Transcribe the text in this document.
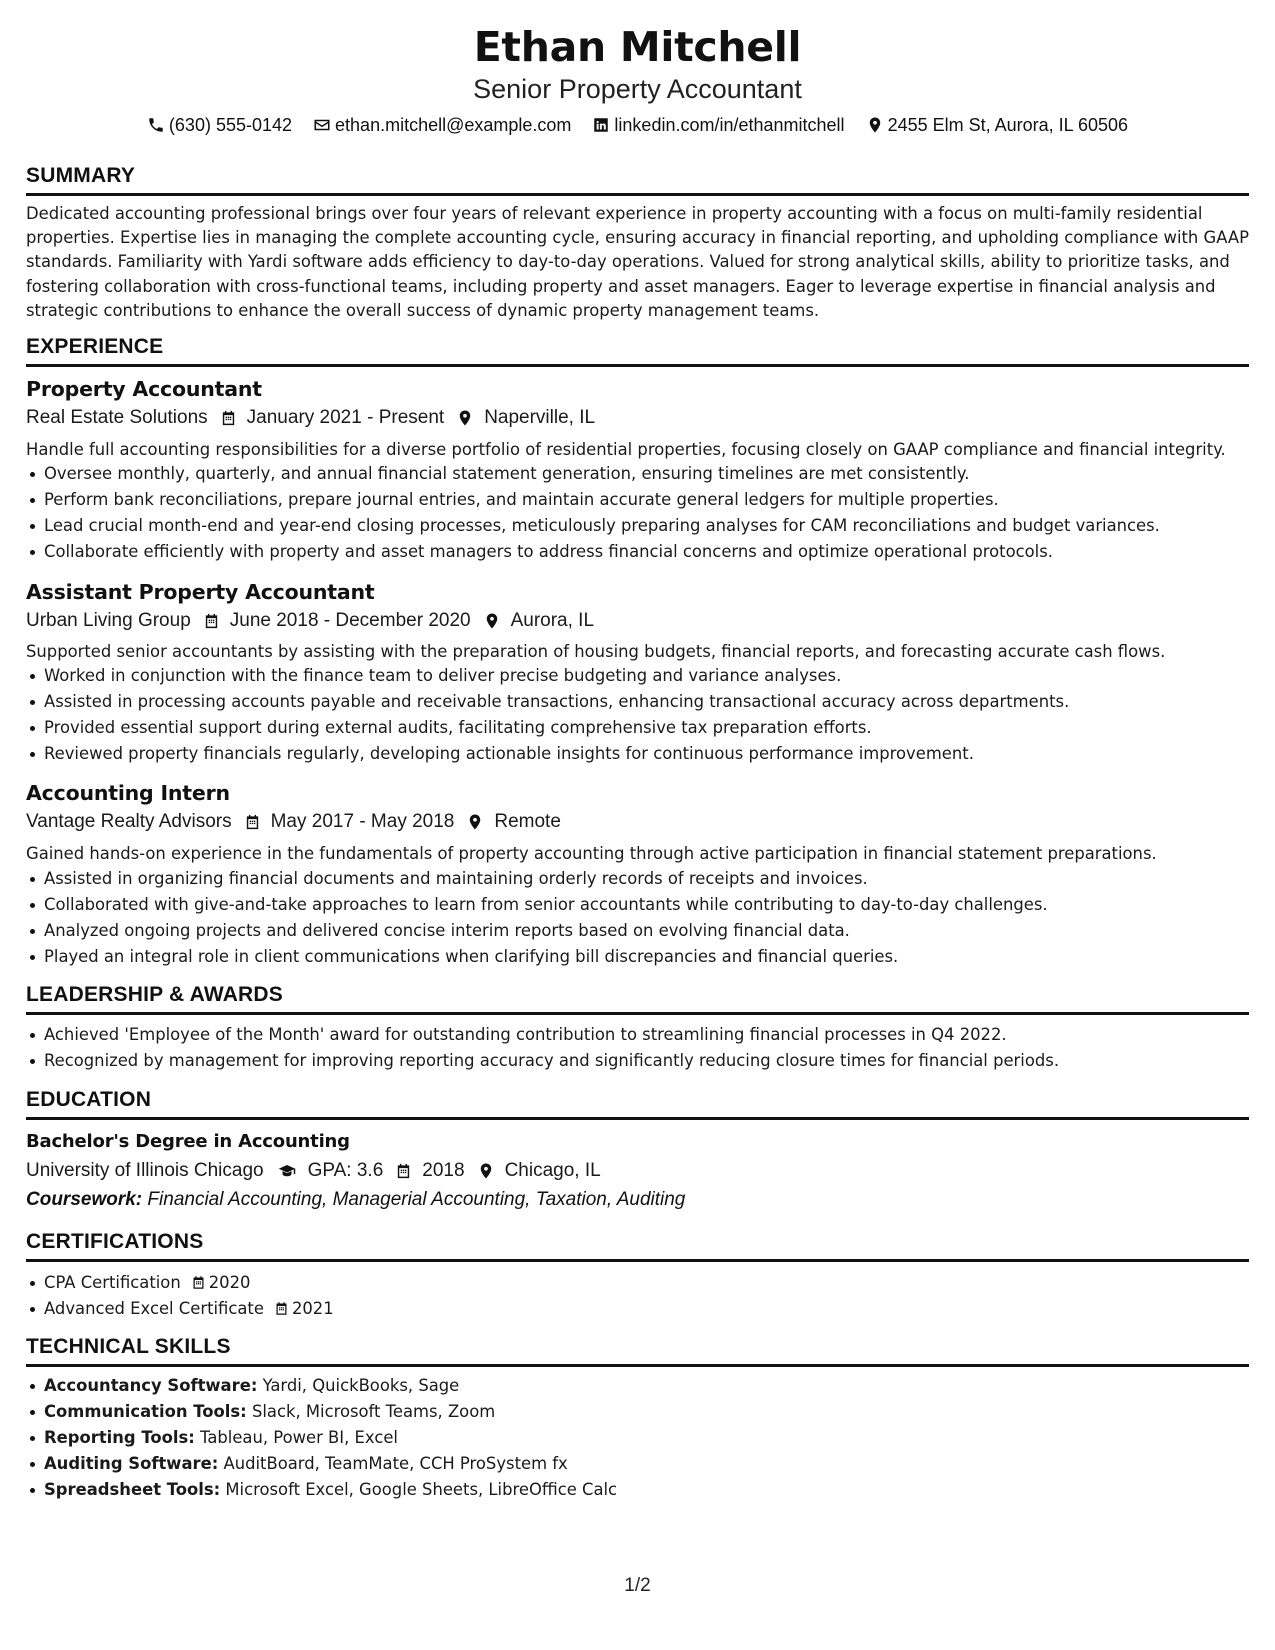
Ethan Mitchell
Senior Property Accountant
(630) 555-0142
ethan.mitchell@example.com
linkedin.com/in/ethanmitchell
2455 Elm St, Aurora, IL 60506
SUMMARY
Dedicated accounting professional brings over four years of relevant experience in property accounting with a focus on multi-family residential properties. Expertise lies in managing the complete accounting cycle, ensuring accuracy in financial reporting, and upholding compliance with GAAP standards. Familiarity with Yardi software adds efficiency to day-to-day operations. Valued for strong analytical skills, ability to prioritize tasks, and fostering collaboration with cross-functional teams, including property and asset managers. Eager to leverage expertise in financial analysis and strategic contributions to enhance the overall success of dynamic property management teams.
EXPERIENCE
Property Accountant
Real Estate Solutions January 2021 - Present Naperville, IL
Handle full accounting responsibilities for a diverse portfolio of residential properties, focusing closely on GAAP compliance and financial integrity.
Oversee monthly, quarterly, and annual financial statement generation, ensuring timelines are met consistently.
Perform bank reconciliations, prepare journal entries, and maintain accurate general ledgers for multiple properties.
Lead crucial month-end and year-end closing processes, meticulously preparing analyses for CAM reconciliations and budget variances.
Collaborate efficiently with property and asset managers to address financial concerns and optimize operational protocols.
Assistant Property Accountant
Urban Living Group June 2018 - December 2020 Aurora, IL
Supported senior accountants by assisting with the preparation of housing budgets, financial reports, and forecasting accurate cash flows.
Worked in conjunction with the finance team to deliver precise budgeting and variance analyses.
Assisted in processing accounts payable and receivable transactions, enhancing transactional accuracy across departments.
Provided essential support during external audits, facilitating comprehensive tax preparation efforts.
Reviewed property financials regularly, developing actionable insights for continuous performance improvement.
Accounting Intern
Vantage Realty Advisors May 2017 - May 2018 Remote
Gained hands-on experience in the fundamentals of property accounting through active participation in financial statement preparations.
Assisted in organizing financial documents and maintaining orderly records of receipts and invoices.
Collaborated with give-and-take approaches to learn from senior accountants while contributing to day-to-day challenges.
Analyzed ongoing projects and delivered concise interim reports based on evolving financial data.
Played an integral role in client communications when clarifying bill discrepancies and financial queries.
LEADERSHIP & AWARDS
Achieved 'Employee of the Month' award for outstanding contribution to streamlining financial processes in Q4 2022.
Recognized by management for improving reporting accuracy and significantly reducing closure times for financial periods.
EDUCATION
Bachelor's Degree in Accounting
University of Illinois Chicago GPA: 3.6 2018 Chicago, IL
Coursework: Financial Accounting, Managerial Accounting, Taxation, Auditing
CERTIFICATIONS
CPA Certification 2020
Advanced Excel Certificate 2021
TECHNICAL SKILLS
Accountancy Software: Yardi, QuickBooks, Sage
Communication Tools: Slack, Microsoft Teams, Zoom
Reporting Tools: Tableau, Power BI, Excel
Auditing Software: AuditBoard, TeamMate, CCH ProSystem fx
Spreadsheet Tools: Microsoft Excel, Google Sheets, LibreOffice Calc
1/2
